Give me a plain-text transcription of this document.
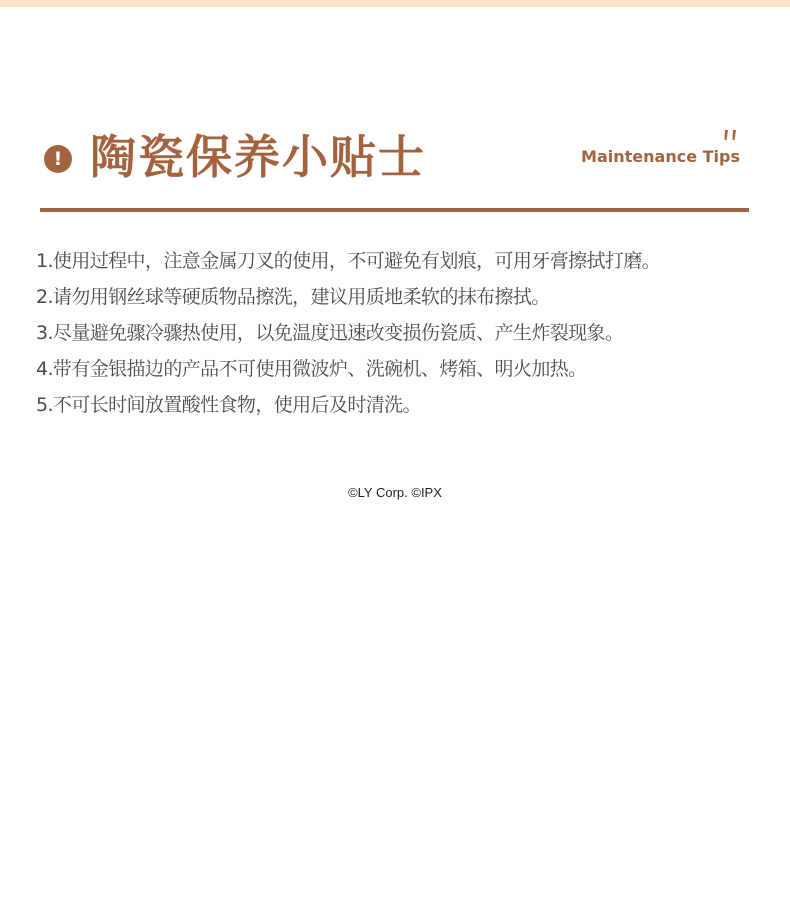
! 陶瓷保养小贴士	Maintenance Tips
1.使用过程中，注意金属刀叉的使用，不可避免有划痕，可用牙膏擦拭打磨。
2.请勿用钢丝球等硬质物品擦洗，建议用质地柔软的抹布擦拭。
3.尽量避免骤冷骤热使用，以免温度迅速改变损伤瓷质、产生炸裂现象。
4.带有金银描边的产品不可使用微波炉、洗碗机、烤箱、明火加热。
5.不可长时间放置酸性食物，使用后及时清洗。
©LY Corp. ©IPX
